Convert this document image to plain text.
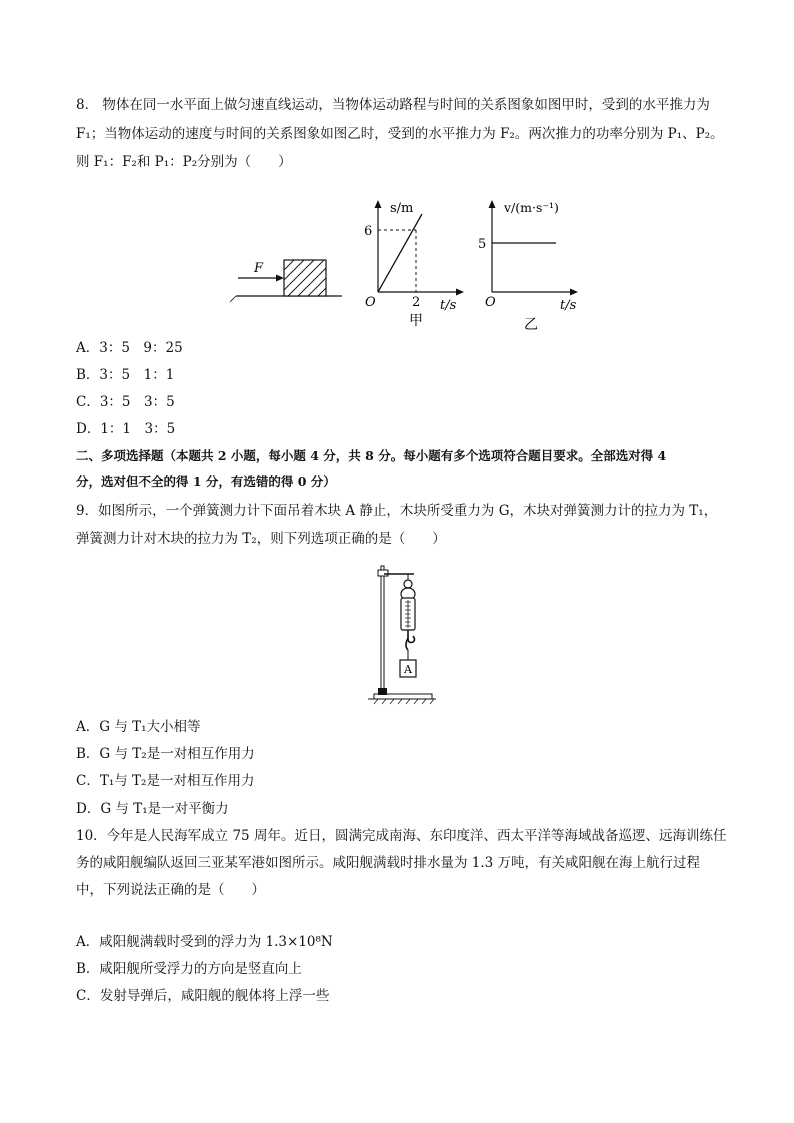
8． 物体在同一水平面上做匀速直线运动，当物体运动路程与时间的关系图象如图甲时，受到的水平推力为
F₁；当物体运动的速度与时间的关系图象如图乙时，受到的水平推力为 F₂。两次推力的功率分别为 P₁、P₂。
则 F₁：F₂和 P₁：P₂分别为（　　）
F
s/m
6
O	2 t/s
甲
v/(m·s⁻¹)
5
O	t/s
乙
A．3：5　9：25
B．3：5　1：1
C．3：5　3：5
D．1：1　3：5
二、多项选择题（本题共 2 小题，每小题 4 分，共 8 分。每小题有多个选项符合题目要求。全部选对得 4
分，选对但不全的得 1 分，有选错的得 0 分）
9．如图所示，一个弹簧测力计下面吊着木块 A 静止，木块所受重力为 G，木块对弹簧测力计的拉力为 T₁，
弹簧测力计对木块的拉力为 T₂，则下列选项正确的是（　　）
A
A．G 与 T₁大小相等
B．G 与 T₂是一对相互作用力
C．T₁与 T₂是一对相互作用力
D．G 与 T₁是一对平衡力
10．今年是人民海军成立 75 周年。近日，圆满完成南海、东印度洋、西太平洋等海域战备巡逻、远海训练任
务的咸阳舰编队返回三亚某军港如图所示。咸阳舰满载时排水量为 1.3 万吨，有关咸阳舰在海上航行过程
中，下列说法正确的是（　　）
A．咸阳舰满载时受到的浮力为 1.3×10⁸N
B．咸阳舰所受浮力的方向是竖直向上
C．发射导弹后，咸阳舰的舰体将上浮一些
